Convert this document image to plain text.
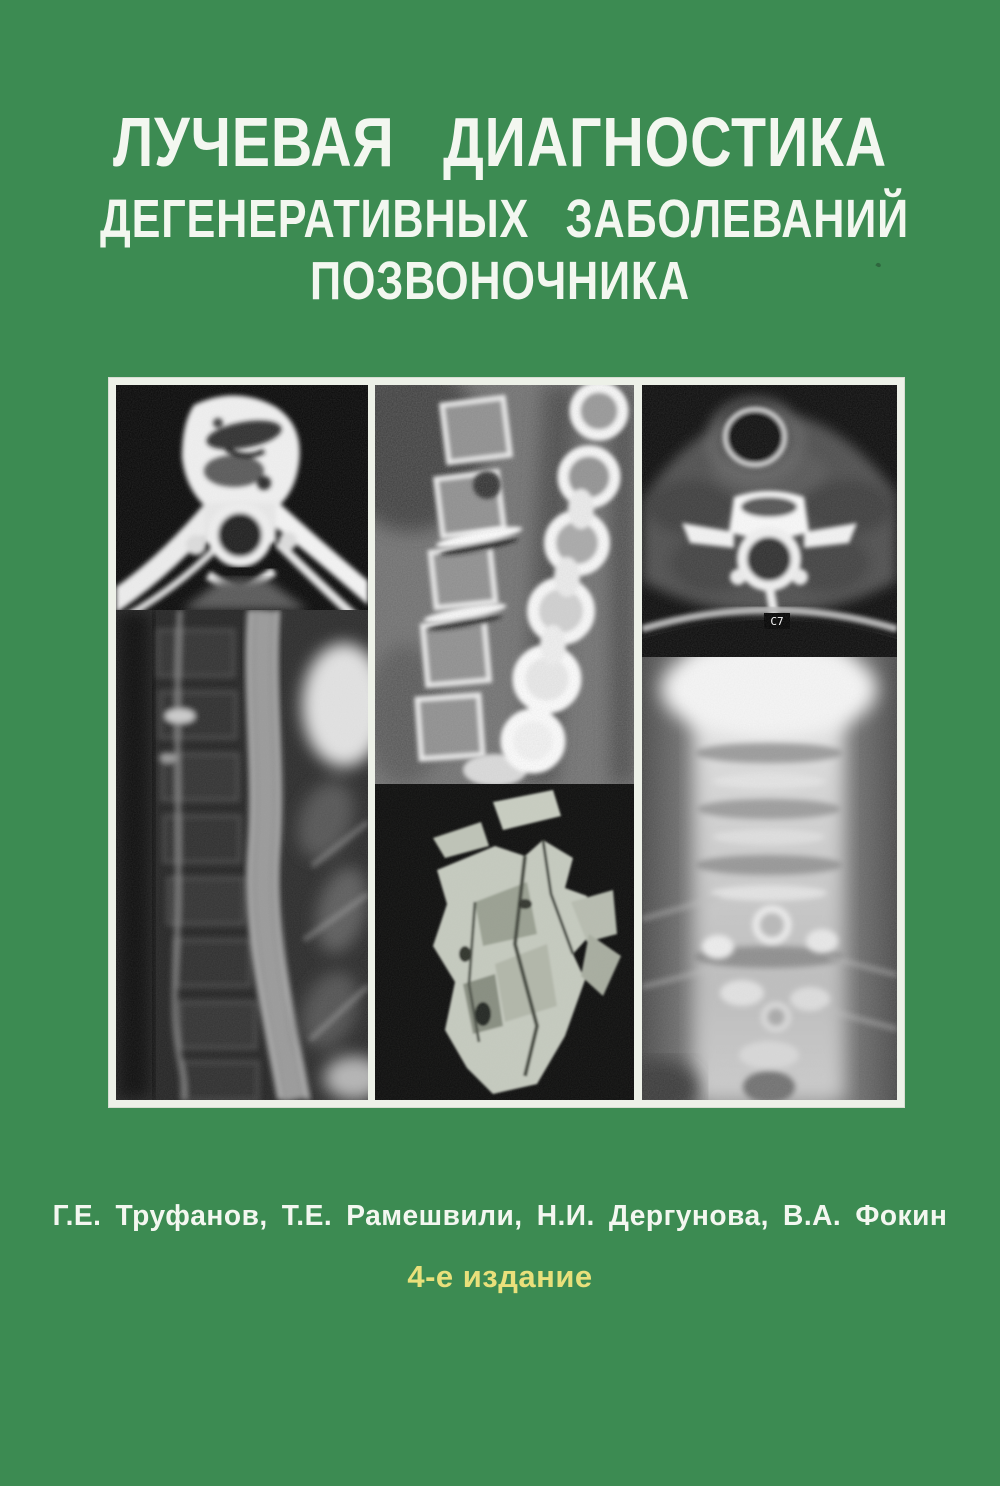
ЛУЧЕВАЯ ДИАГНОСТИКА
ДЕГЕНЕРАТИВНЫХ ЗАБОЛЕВАНИЙ
ПОЗВОНОЧНИКА
C7
Г.Е. Труфанов, Т.Е. Рамешвили, Н.И. Дергунова, В.А. Фокин
4-е издание
